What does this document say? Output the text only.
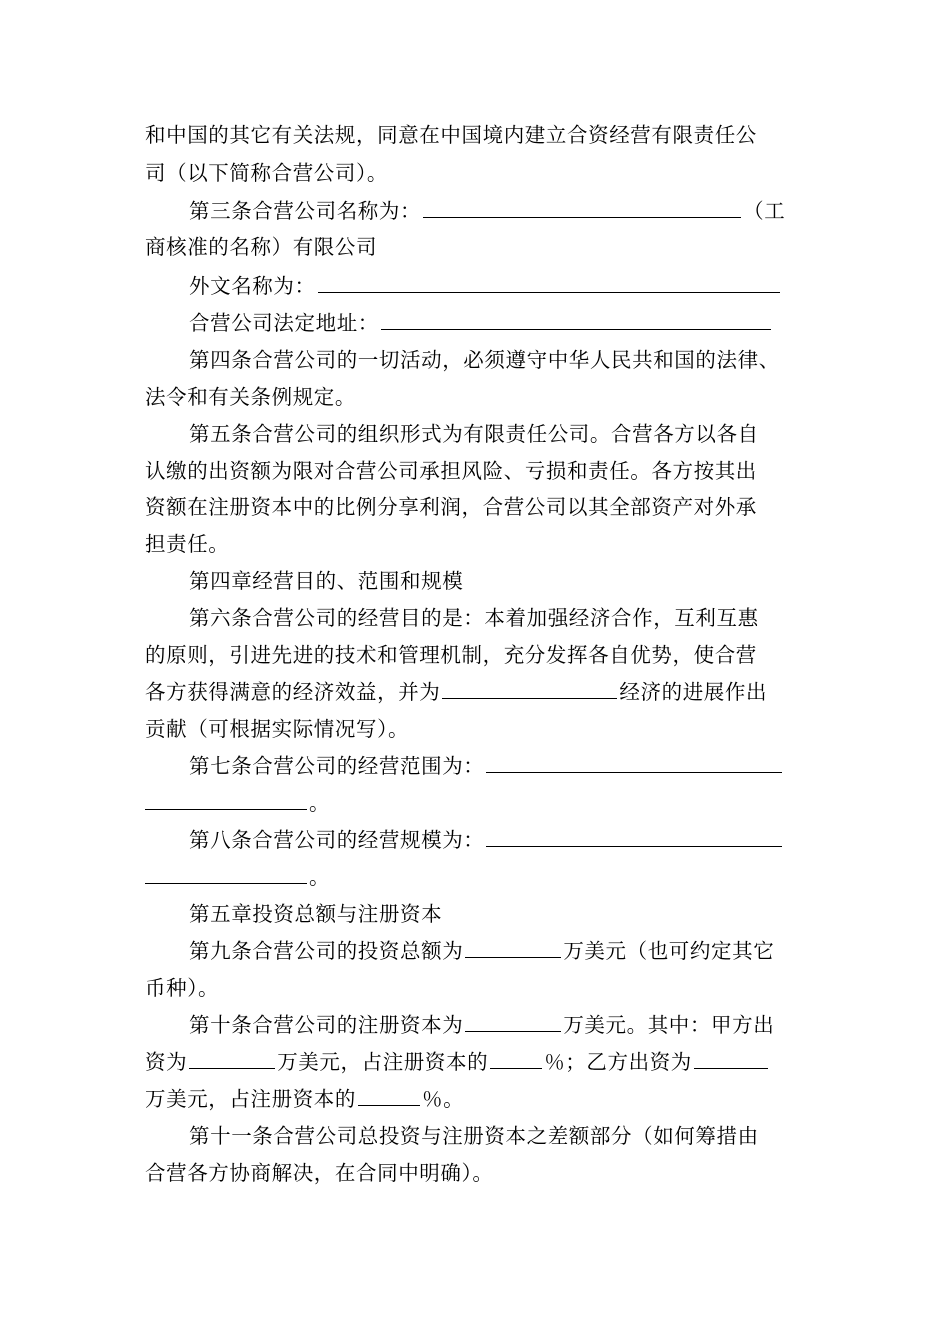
和中国的其它有关法规，同意在中国境内建立合资经营有限责任公
司（以下简称合营公司）。
第三条合营公司名称为：	（工
商核准的名称）有限公司
外文名称为：
合营公司法定地址：
第四条合营公司的一切活动，必须遵守中华人民共和国的法律、
法令和有关条例规定。
第五条合营公司的组织形式为有限责任公司。合营各方以各自
认缴的出资额为限对合营公司承担风险、亏损和责任。各方按其出
资额在注册资本中的比例分享利润，合营公司以其全部资产对外承
担责任。
第四章经营目的、范围和规模
第六条合营公司的经营目的是：本着加强经济合作，互利互惠
的原则，引进先进的技术和管理机制，充分发挥各自优势，使合营
各方获得满意的经济效益，并为	经济的进展作出
贡献（可根据实际情况写）。
第七条合营公司的经营范围为：
。
第八条合营公司的经营规模为：
。
第五章投资总额与注册资本
第九条合营公司的投资总额为	万美元（也可约定其它
币种）。
第十条合营公司的注册资本为	万美元。其中：甲方出
资为	万美元，占注册资本的	％；乙方出资为
万美元，占注册资本的	％。
第十一条合营公司总投资与注册资本之差额部分（如何筹措由
合营各方协商解决，在合同中明确）。
